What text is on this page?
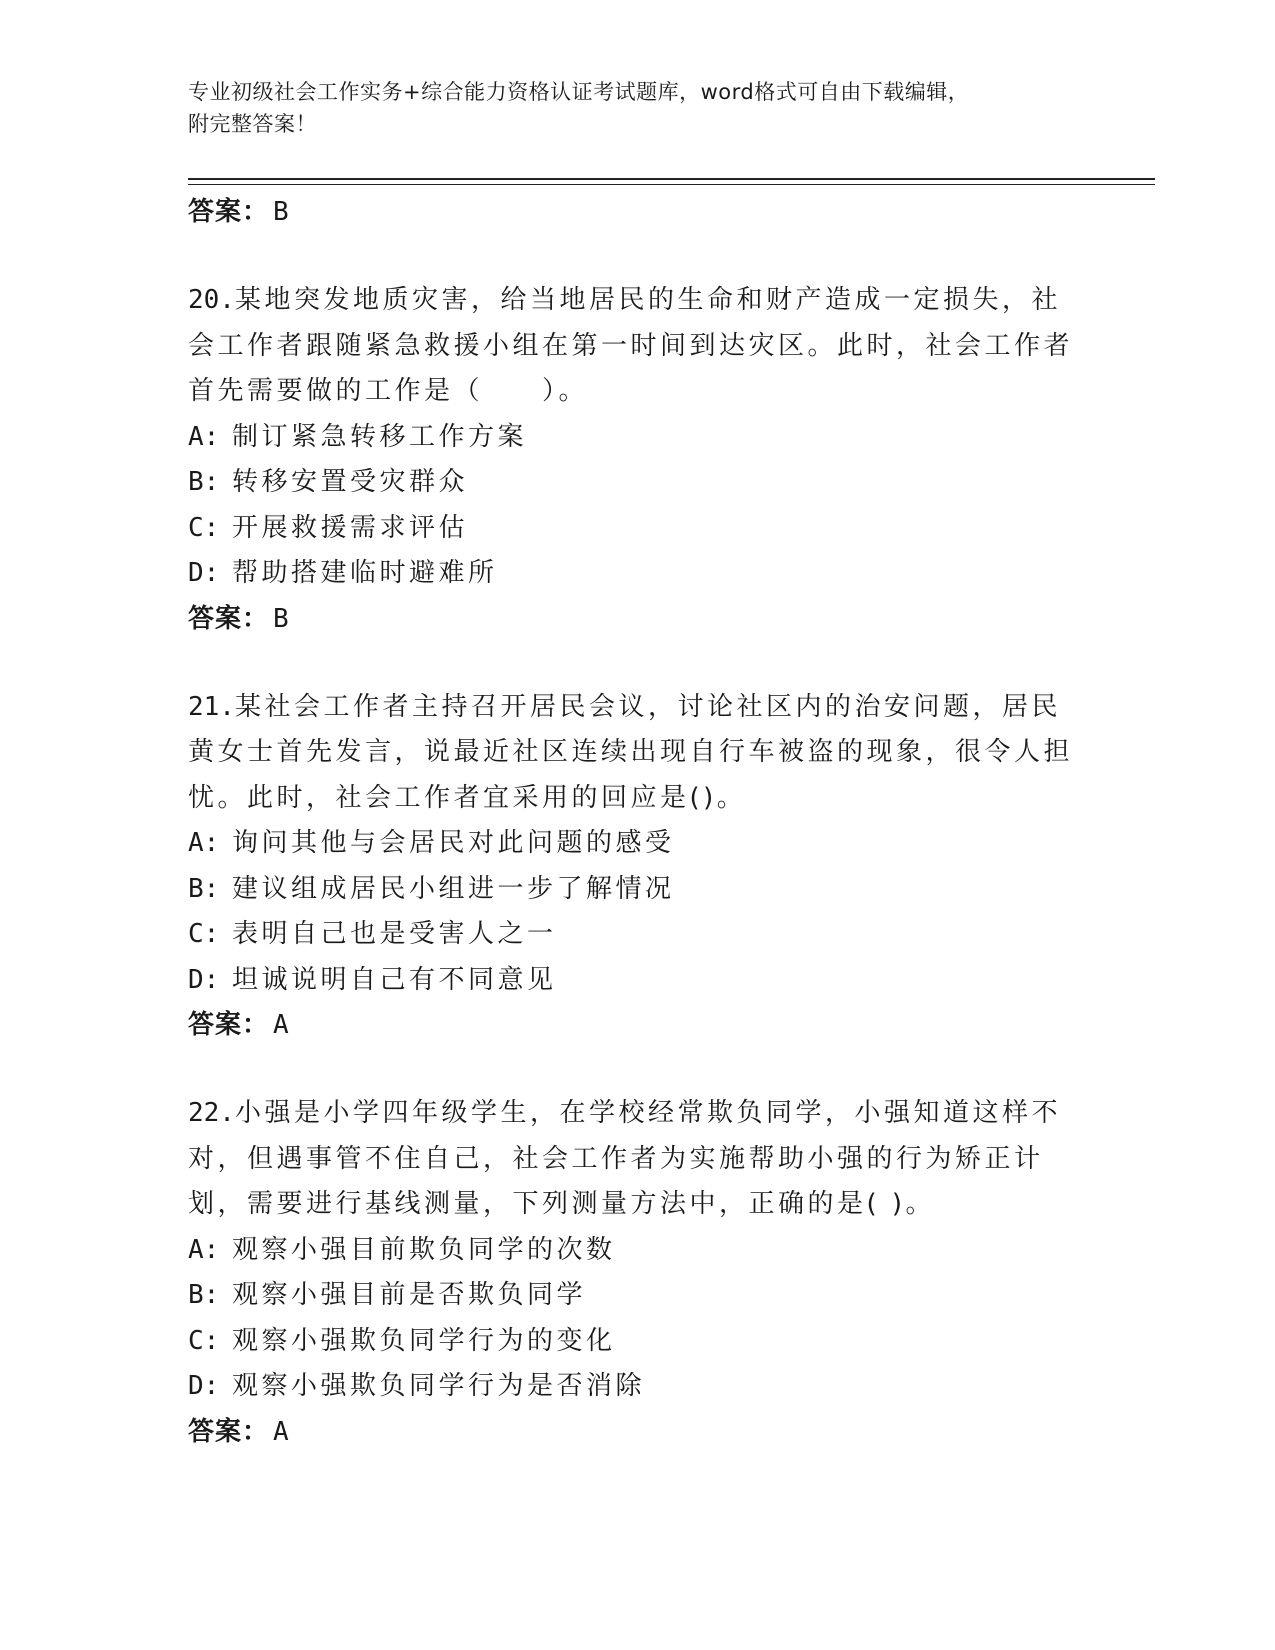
专业初级社会工作实务+综合能力资格认证考试题库，word格式可自由下载编辑，
附完整答案！
答案： B
20.某地突发地质灾害，给当地居民的生命和财产造成一定损失，社会工作者跟随紧急救援小组在第一时间到达灾区。此时，社会工作者首先需要做的工作是（　　）。
A: 制订紧急转移工作方案
B: 转移安置受灾群众
C: 开展救援需求评估
D: 帮助搭建临时避难所
答案： B
21.某社会工作者主持召开居民会议，讨论社区内的治安问题，居民黄女士首先发言，说最近社区连续出现自行车被盗的现象，很令人担忧。此时，社会工作者宜采用的回应是()。
A: 询问其他与会居民对此问题的感受
B: 建议组成居民小组进一步了解情况
C: 表明自己也是受害人之一
D: 坦诚说明自己有不同意见
答案： A
22.小强是小学四年级学生，在学校经常欺负同学，小强知道这样不对，但遇事管不住自己，社会工作者为实施帮助小强的行为矫正计划，需要进行基线测量，下列测量方法中，正确的是( )。
A: 观察小强目前欺负同学的次数
B: 观察小强目前是否欺负同学
C: 观察小强欺负同学行为的变化
D: 观察小强欺负同学行为是否消除
答案： A
